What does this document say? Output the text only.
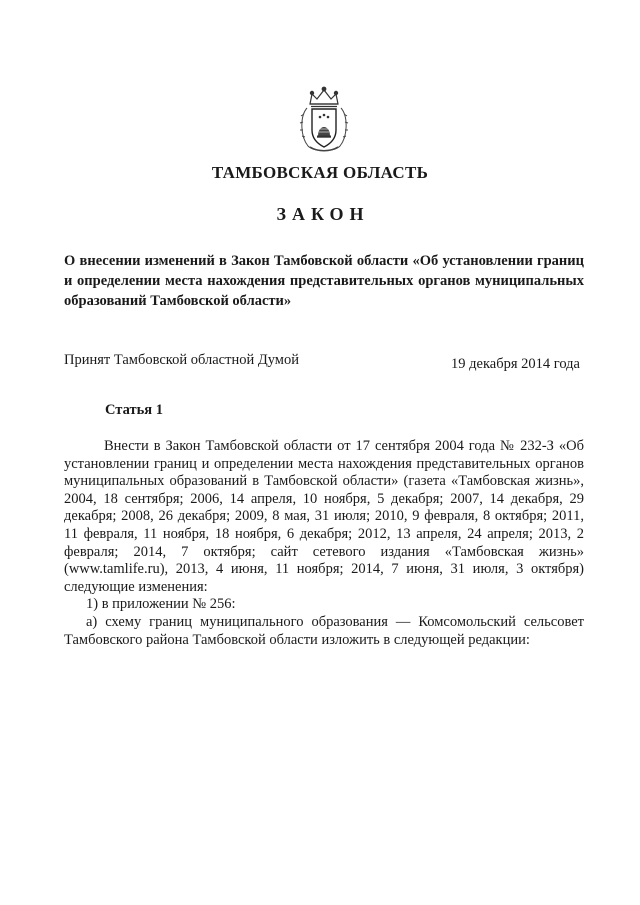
ТАМБОВСКАЯ ОБЛАСТЬ
ЗАКОН
О внесении изменений в Закон Тамбовской области «Об установлении границ и определении места нахождения представительных органов муниципальных образований Тамбовской области»
Принят Тамбовской областной Думой	19 декабря 2014 года
Статья 1

Внести в Закон Тамбовской области от 17 сентября 2004 года № 232-З «Об установлении границ и определении места нахождения представительных органов муниципальных образований в Тамбовской области» (газета «Тамбовская жизнь», 2004, 18 сентября; 2006, 14 апреля, 10 ноября, 5 декабря; 2007, 14 декабря, 29 декабря; 2008, 26 декабря; 2009, 8 мая, 31 июля; 2010, 9 февраля, 8 октября; 2011, 11 февраля, 11 ноября, 18 ноября, 6 декабря; 2012, 13 апреля, 24 апреля; 2013, 2 февраля; 2014, 7 октября; сайт сетевого издания «Тамбовская жизнь» (www.tamlife.ru), 2013, 4 июня, 11 ноября; 2014, 7 июня, 31 июля, 3 октября) следующие изменения:

1) в приложении № 256:

а) схему границ муниципального образования — Комсомольский сельсовет Тамбовского района Тамбовской области изложить в следующей редакции:
